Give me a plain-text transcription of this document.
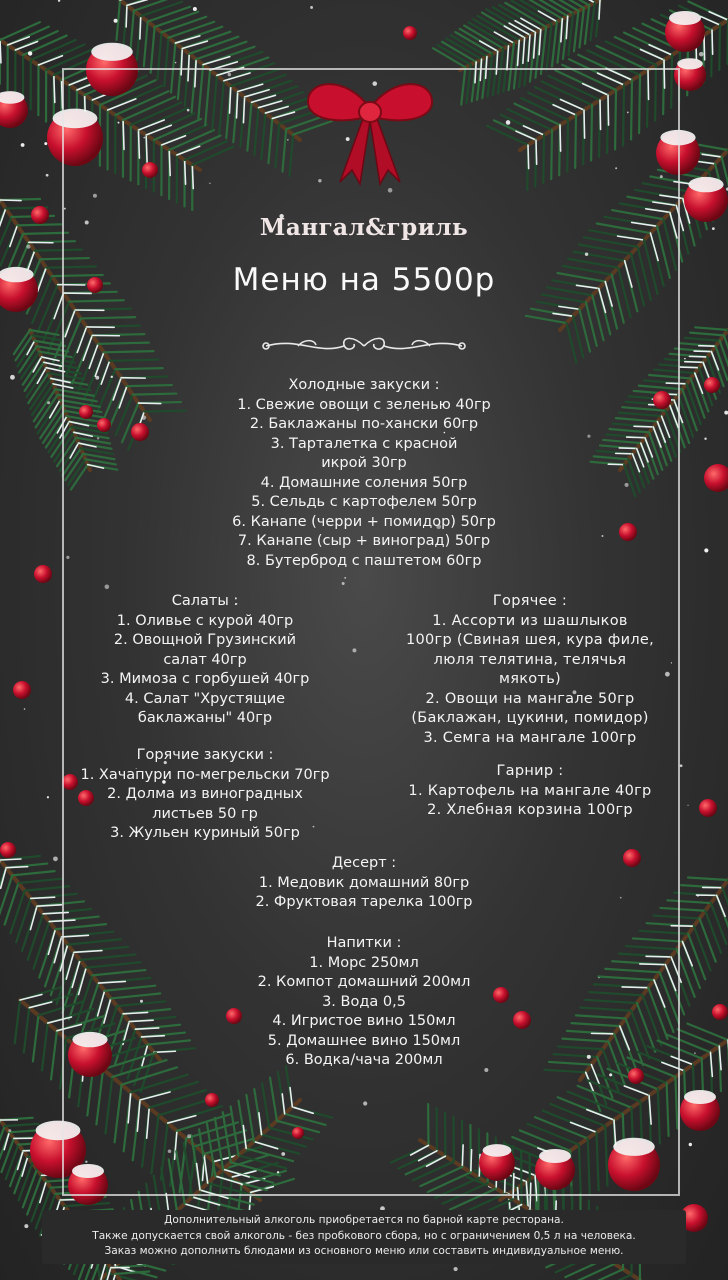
Мангал&гриль
Меню на 5500р
Холодные закуски :
1. Свежие овощи с зеленью 40гр
2. Баклажаны по-хански 60гр
3. Тарталетка с красной
икрой 30гр
4. Домашние соления 50гр
5. Сельдь с картофелем 50гр
6. Канапе (черри + помидор) 50гр
7. Канапе (сыр + виноград) 50гр
8. Бутерброд с паштетом 60гр
Салаты :
1. Оливье с курой 40гр
2. Овощной Грузинский
салат 40гр
3. Мимоза с горбушей 40гр
4. Салат "Хрустящие
баклажаны" 40гр
Горячие закуски :
1. Хачапури по-мегрельски 70гр
2. Долма из виноградных
листьев 50 гр
3. Жульен куриный 50гр
Горячее :
1. Ассорти из шашлыков
100гр (Свиная шея, кура филе,
люля телятина, телячья
мякоть)
2. Овощи на мангале 50гр
(Баклажан, цукини, помидор)
3. Семга на мангале 100гр
Гарнир :
1. Картофель на мангале 40гр
2. Хлебная корзина 100гр
Десерт :
1. Медовик домашний 80гр
2. Фруктовая тарелка 100гр
Напитки :
1. Морс 250мл
2. Компот домашний 200мл
3. Вода 0,5
4. Игристое вино 150мл
5. Домашнее вино 150мл
6. Водка/чача 200мл
Дополнительный алкоголь приобретается по барной карте ресторана.
Также допускается свой алкоголь - без пробкового сбора, но с ограничением 0,5 л на человека.
Заказ можно дополнить блюдами из основного меню или составить индивидуальное меню.
